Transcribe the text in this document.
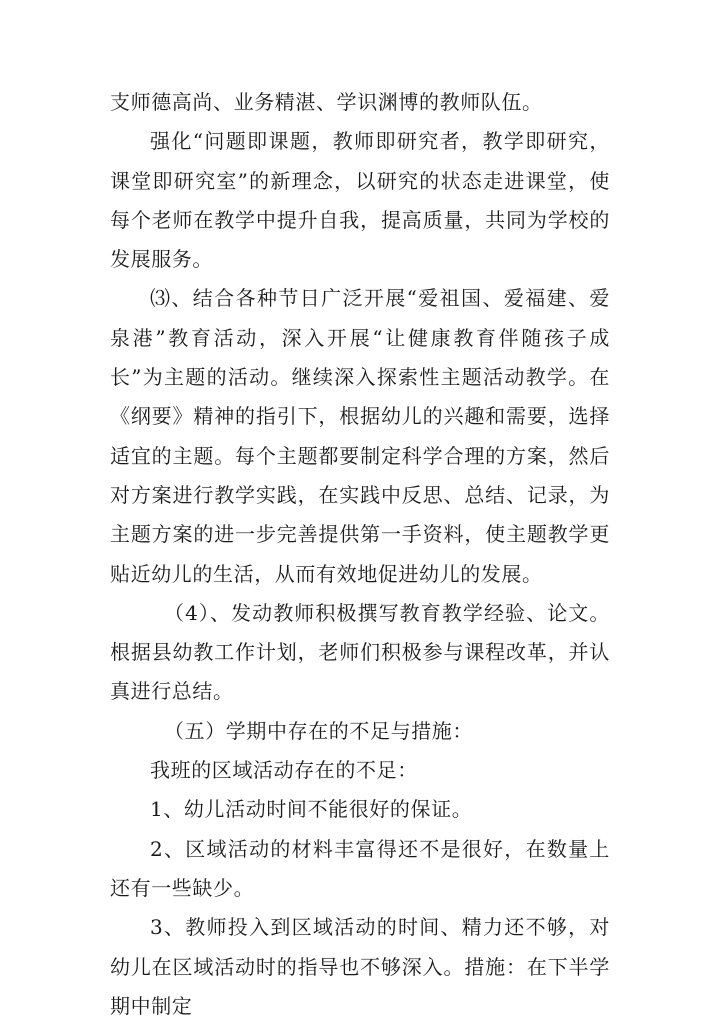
支师德高尚、业务精湛、学识渊博的教师队伍。

强化“问题即课题，教师即研究者，教学即研究，课堂即研究室”的新理念，以研究的状态走进课堂，使每个老师在教学中提升自我，提高质量，共同为学校的发展服务。

⑶、结合各种节日广泛开展“爱祖国、爱福建、爱泉港”教育活动，深入开展“让健康教育伴随孩子成长”为主题的活动。继续深入探索性主题活动教学。在《纲要》精神的指引下，根据幼儿的兴趣和需要，选择适宜的主题。每个主题都要制定科学合理的方案，然后对方案进行教学实践，在实践中反思、总结、记录，为主题方案的进一步完善提供第一手资料，使主题教学更贴近幼儿的生活，从而有效地促进幼儿的发展。

（4）、发动教师积极撰写教育教学经验、论文。根据县幼教工作计划，老师们积极参与课程改革，并认真进行总结。

（五）学期中存在的不足与措施：

我班的区域活动存在的不足：

1、幼儿活动时间不能很好的保证。

2、区域活动的材料丰富得还不是很好，在数量上还有一些缺少。

3、教师投入到区域活动的时间、精力还不够，对幼儿在区域活动时的指导也不够深入。措施：在下半学期中制定
